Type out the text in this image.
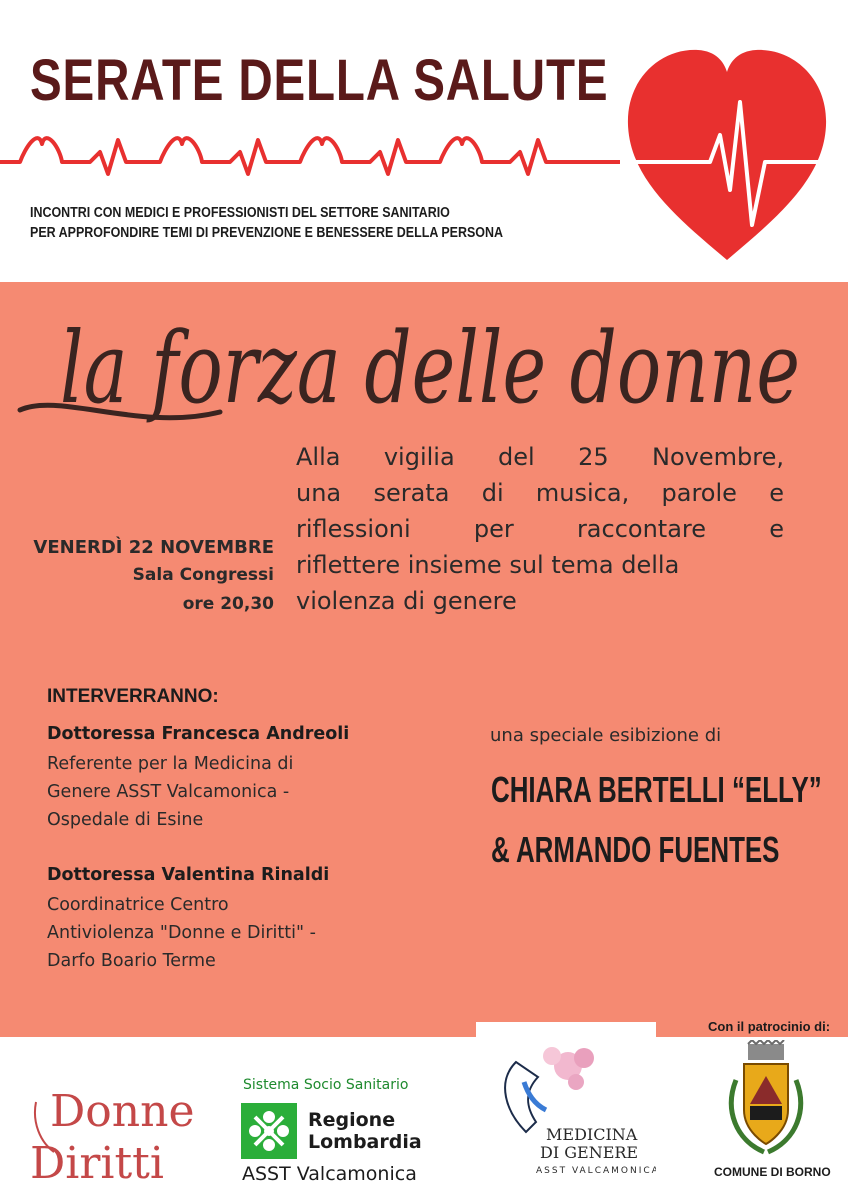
SERATE DELLA SALUTE
INCONTRI CON MEDICI E PROFESSIONISTI DEL SETTORE SANITARIO
PER APPROFONDIRE TEMI DI PREVENZIONE E BENESSERE DELLA PERSONA
la forza delle donne
Alla vigilia del 25 Novembre,
una serata di musica, parole e
riflessioni	per	raccontare	e
riflettere insieme sul tema della
violenza di genere
VENERDÌ 22 NOVEMBRE
Sala Congressi
ore 20,30
INTERVERRANNO:
Dottoressa Francesca Andreoli
Referente per la Medicina di
Genere ASST Valcamonica -
Ospedale di Esine
Dottoressa Valentina Rinaldi
Coordinatrice Centro
Antiviolenza "Donne e Diritti" -
Darfo Boario Terme
una speciale esibizione di
CHIARA BERTELLI “ELLY”
& ARMANDO FUENTES
Donne
Diritti
Sistema Socio Sanitario
Regione
Lombardia
ASST Valcamonica
MEDICINA
DI GENERE
ASST VALCAMONICA
Con il patrocinio di:
COMUNE DI BORNO
